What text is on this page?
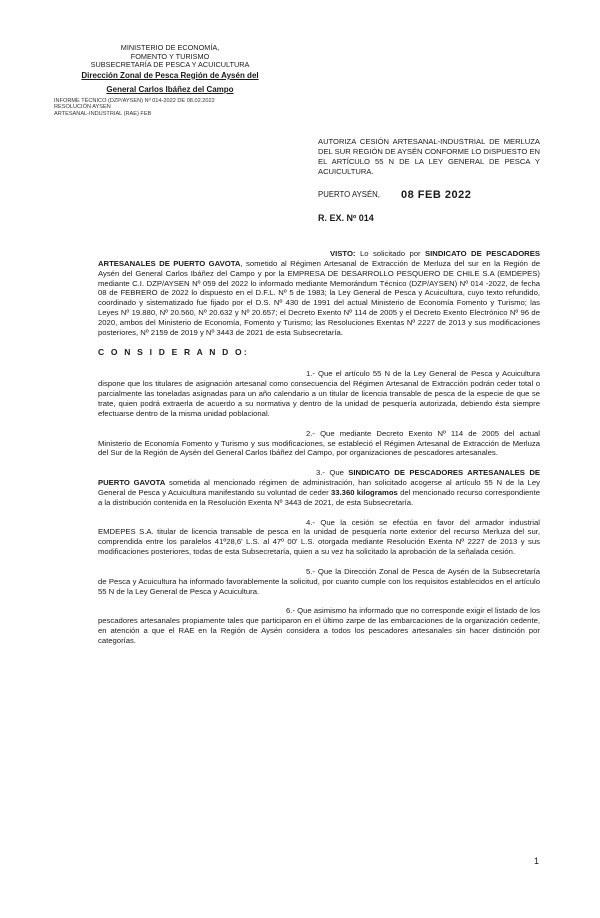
MINISTERIO DE ECONOMÍA,
FOMENTO Y TURISMO
SUBSECRETARÍA DE PESCA Y ACUICULTURA
Dirección Zonal de Pesca Región de Aysén del
General Carlos Ibáñez del Campo
INFORME TÉCNICO (DZP/AYSEN) Nº 014-2022 DE 08.02.2022
RESOLUCIÓN AYSEN
ARTESANAL-INDUSTRIAL (RAE) FEB
AUTORIZA CESIÓN ARTESANAL-INDUSTRIAL DE MERLUZA DEL SUR REGIÓN DE AYSÉN CONFORME LO DISPUESTO EN EL ARTÍCULO 55 N DE LA LEY GENERAL DE PESCA Y ACUICULTURA.
PUERTO AYSÉN, 08 FEB 2022
R. EX. Nº 014

VISTO: Lo solicitado por SINDICATO DE PESCADORES ARTESANALES DE PUERTO GAVOTA, sometido al Régimen Artesanal de Extracción de Merluza del sur en la Región de Aysén del General Carlos Ibáñez del Campo y por la EMPRESA DE DESARROLLO PESQUERO DE CHILE S.A (EMDEPES) mediante C.I. DZP/AYSEN Nº 059 del 2022 lo informado mediante Memorándum Técnico (DZP/AYSEN) Nº 014 -2022, de fecha 08 de FEBRERO de 2022 lo dispuesto en el D.F.L. Nº 5 de 1983; la Ley General de Pesca y Acuicultura, cuyo texto refundido, coordinado y sistematizado fue fijado por el D.S. Nº 430 de 1991 del actual Ministerio de Economía Fomento y Turismo; las Leyes Nº 19.880, Nº 20.560, Nº 20.632 y Nº 20.657; el Decreto Exento Nº 114 de 2005 y el Decreto Exento Electrónico Nº 96 de 2020, ambos del Ministerio de Economía, Fomento y Turismo; las Resoluciones Exentas Nº 2227 de 2013 y sus modificaciones posteriores, Nº 2159 de 2019 y Nº 3443 de 2021 de esta Subsecretaría.

C O N S I D E R A N D O:

1.- Que el artículo 55 N de la Ley General de Pesca y Acuicultura dispone que los titulares de asignación artesanal como consecuencia del Régimen Artesanal de Extracción podrán ceder total o parcialmente las toneladas asignadas para un año calendario a un titular de licencia transable de pesca de la especie de que se trate, quien podrá extraerla de acuerdo a su normativa y dentro de la unidad de pesquería autorizada, debiendo ésta siempre efectuarse dentro de la misma unidad poblacional.

2.- Que mediante Decreto Exento Nº 114 de 2005 del actual Ministerio de Economía Fomento y Turismo y sus modificaciones, se estableció el Régimen Artesanal de Extracción de Merluza del Sur de la Región de Aysén del General Carlos Ibáñez del Campo, por organizaciones de pescadores artesanales.

3.- Que SINDICATO DE PESCADORES ARTESANALES DE PUERTO GAVOTA sometida al mencionado régimen de administración, han solicitado acogerse al artículo 55 N de la Ley General de Pesca y Acuicultura manifestando su voluntad de ceder 33.360 kilogramos del mencionado recurso correspondiente a la distribución contenida en la Resolución Exenta Nº 3443 de 2021, de esta Subsecretaría.

4.- Que la cesión se efectúa en favor del armador industrial EMDEPES S.A. titular de licencia transable de pesca en la unidad de pesquería norte exterior del recurso Merluza del sur, comprendida entre los paralelos 41º28,6' L.S. al 47º 00' L.S. otorgada mediante Resolución Exenta Nº 2227 de 2013 y sus modificaciones posteriores, todas de esta Subsecretaría, quien a su vez ha solicitado la aprobación de la señalada cesión.

5.- Que la Dirección Zonal de Pesca de Aysén de la Subsecretaría de Pesca y Acuicultura ha informado favorablemente la solicitud, por cuanto cumple con los requisitos establecidos en el artículo 55 N de la Ley General de Pesca y Acuicultura.

6.- Que asimismo ha informado que no corresponde exigir el listado de los pescadores artesanales propiamente tales que participaron en el último zarpe de las embarcaciones de la organización cedente, en atención a que el RAE en la Región de Aysén considera a todos los pescadores artesanales sin hacer distinción por categorías.

1
